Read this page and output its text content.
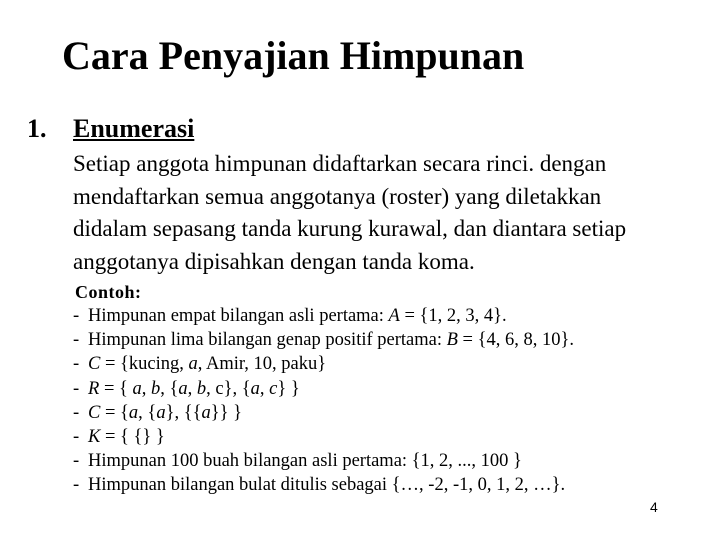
Cara Penyajian Himpunan
1. Enumerasi

Setiap anggota himpunan didaftarkan secara rinci. dengan
mendaftarkan semua anggotanya (roster) yang diletakkan
didalam sepasang tanda kurung kurawal, dan diantara setiap
anggotanya dipisahkan dengan tanda koma.

Contoh:
- Himpunan empat bilangan asli pertama: A = {1, 2, 3, 4}.
- Himpunan lima bilangan genap positif pertama: B = {4, 6, 8, 10}.
- C = {kucing, a, Amir, 10, paku}
- R = { a, b, {a, b, c}, {a, c} }
- C = {a, {a}, {{a}} }
- K = { {} }
- Himpunan 100 buah bilangan asli pertama: {1, 2, ..., 100 }
- Himpunan bilangan bulat ditulis sebagai {…, -2, -1, 0, 1, 2, …}.
4
